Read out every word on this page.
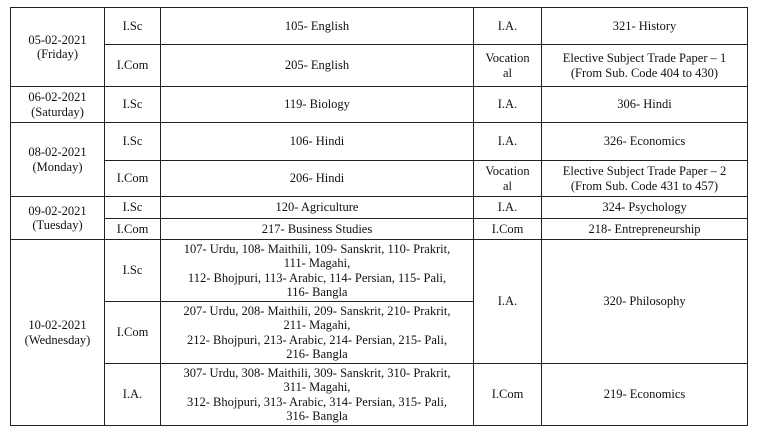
05-02-2021
(Friday)	I.Sc	105- English	I.A.	321- History
	I.Com	205- English	Vocation
al	Elective Subject Trade Paper – 1
(From Sub. Code 404 to 430)
06-02-2021
(Saturday)	I.Sc	119- Biology	I.A.	306- Hindi
08-02-2021
(Monday)	I.Sc	106- Hindi	I.A.	326- Economics
	I.Com	206- Hindi	Vocation
al	Elective Subject Trade Paper – 2
(From Sub. Code 431 to 457)
09-02-2021
(Tuesday)	I.Sc	120- Agriculture	I.A.	324- Psychology
	I.Com	217- Business Studies	I.Com	218- Entrepreneurship
10-02-2021
(Wednesday)	I.Sc	107- Urdu, 108- Maithili, 109- Sanskrit, 110- Prakrit,
111- Magahi,
112- Bhojpuri, 113- Arabic, 114- Persian, 115- Pali,
116- Bangla	I.A.	320- Philosophy
	I.Com	207- Urdu, 208- Maithili, 209- Sanskrit, 210- Prakrit,
211- Magahi,
212- Bhojpuri, 213- Arabic, 214- Persian, 215- Pali,
216- Bangla		
	I.A.	307- Urdu, 308- Maithili, 309- Sanskrit, 310- Prakrit,
311- Magahi,
312- Bhojpuri, 313- Arabic, 314- Persian, 315- Pali,
316- Bangla	I.Com	219- Economics
